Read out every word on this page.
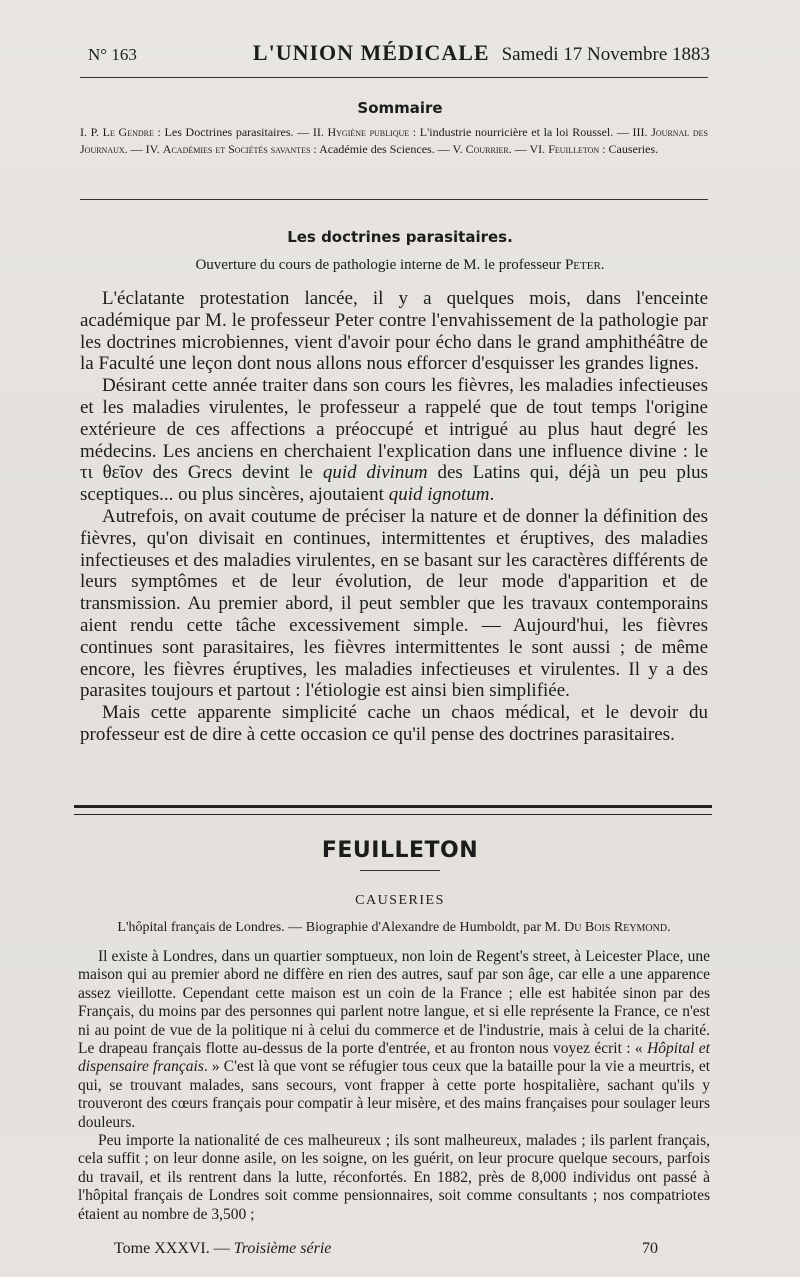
N° 163	L'UNION MÉDICALE Samedi 17 Novembre 1883
Sommaire
I. P. Le Gendre : Les Doctrines parasitaires. — II. Hygiène publique : L'industrie nourricière et la loi Roussel. — III. Journal des Journaux. — IV. Académies et Sociétés savantes : Académie des Sciences. — V. Courrier. — VI. Feuilleton : Causeries.
Les doctrines parasitaires.
Ouverture du cours de pathologie interne de M. le professeur Peter.

L'éclatante protestation lancée, il y a quelques mois, dans l'enceinte académique par M. le professeur Peter contre l'envahissement de la pathologie par les doctrines microbiennes, vient d'avoir pour écho dans le grand amphithéâtre de la Faculté une leçon dont nous allons nous efforcer d'esquisser les grandes lignes.

Désirant cette année traiter dans son cours les fièvres, les maladies infectieuses et les maladies virulentes, le professeur a rappelé que de tout temps l'origine extérieure de ces affections a préoccupé et intrigué au plus haut degré les médecins. Les anciens en cherchaient l'explication dans une influence divine : le τι θεῖον des Grecs devint le quid divinum des Latins qui, déjà un peu plus sceptiques... ou plus sincères, ajoutaient quid ignotum.

Autrefois, on avait coutume de préciser la nature et de donner la définition des fièvres, qu'on divisait en continues, intermittentes et éruptives, des maladies infectieuses et des maladies virulentes, en se basant sur les caractères différents de leurs symptômes et de leur évolution, de leur mode d'apparition et de transmission. Au premier abord, il peut sembler que les travaux contemporains aient rendu cette tâche excessivement simple. — Aujourd'hui, les fièvres continues sont parasitaires, les fièvres intermittentes le sont aussi ; de même encore, les fièvres éruptives, les maladies infectieuses et virulentes. Il y a des parasites toujours et partout : l'étiologie est ainsi bien simplifiée.

Mais cette apparente simplicité cache un chaos médical, et le devoir du professeur est de dire à cette occasion ce qu'il pense des doctrines parasitaires.

FEUILLETON
CAUSERIES
L'hôpital français de Londres. — Biographie d'Alexandre de Humboldt, par M. Du Bois Reymond.

Il existe à Londres, dans un quartier somptueux, non loin de Regent's street, à Leicester Place, une maison qui au premier abord ne diffère en rien des autres, sauf par son âge, car elle a une apparence assez vieillotte. Cependant cette maison est un coin de la France ; elle est habitée sinon par des Français, du moins par des personnes qui parlent notre langue, et si elle représente la France, ce n'est ni au point de vue de la politique ni à celui du commerce et de l'industrie, mais à celui de la charité. Le drapeau français flotte au-dessus de la porte d'entrée, et au fronton nous voyez écrit : « Hôpital et dispensaire français. » C'est là que vont se réfugier tous ceux que la bataille pour la vie a meurtris, et qui, se trouvant malades, sans secours, vont frapper à cette porte hospitalière, sachant qu'ils y trouveront des cœurs français pour compatir à leur misère, et des mains françaises pour soulager leurs douleurs.

Peu importe la nationalité de ces malheureux ; ils sont malheureux, malades ; ils parlent français, cela suffit ; on leur donne asile, on les soigne, on les guérit, on leur procure quelque secours, parfois du travail, et ils rentrent dans la lutte, réconfortés. En 1882, près de 8,000 individus ont passé à l'hôpital français de Londres soit comme pensionnaires, soit comme consultants ; nos compatriotes étaient au nombre de 3,500 ;

Tome XXXVI. — Troisième série	70
